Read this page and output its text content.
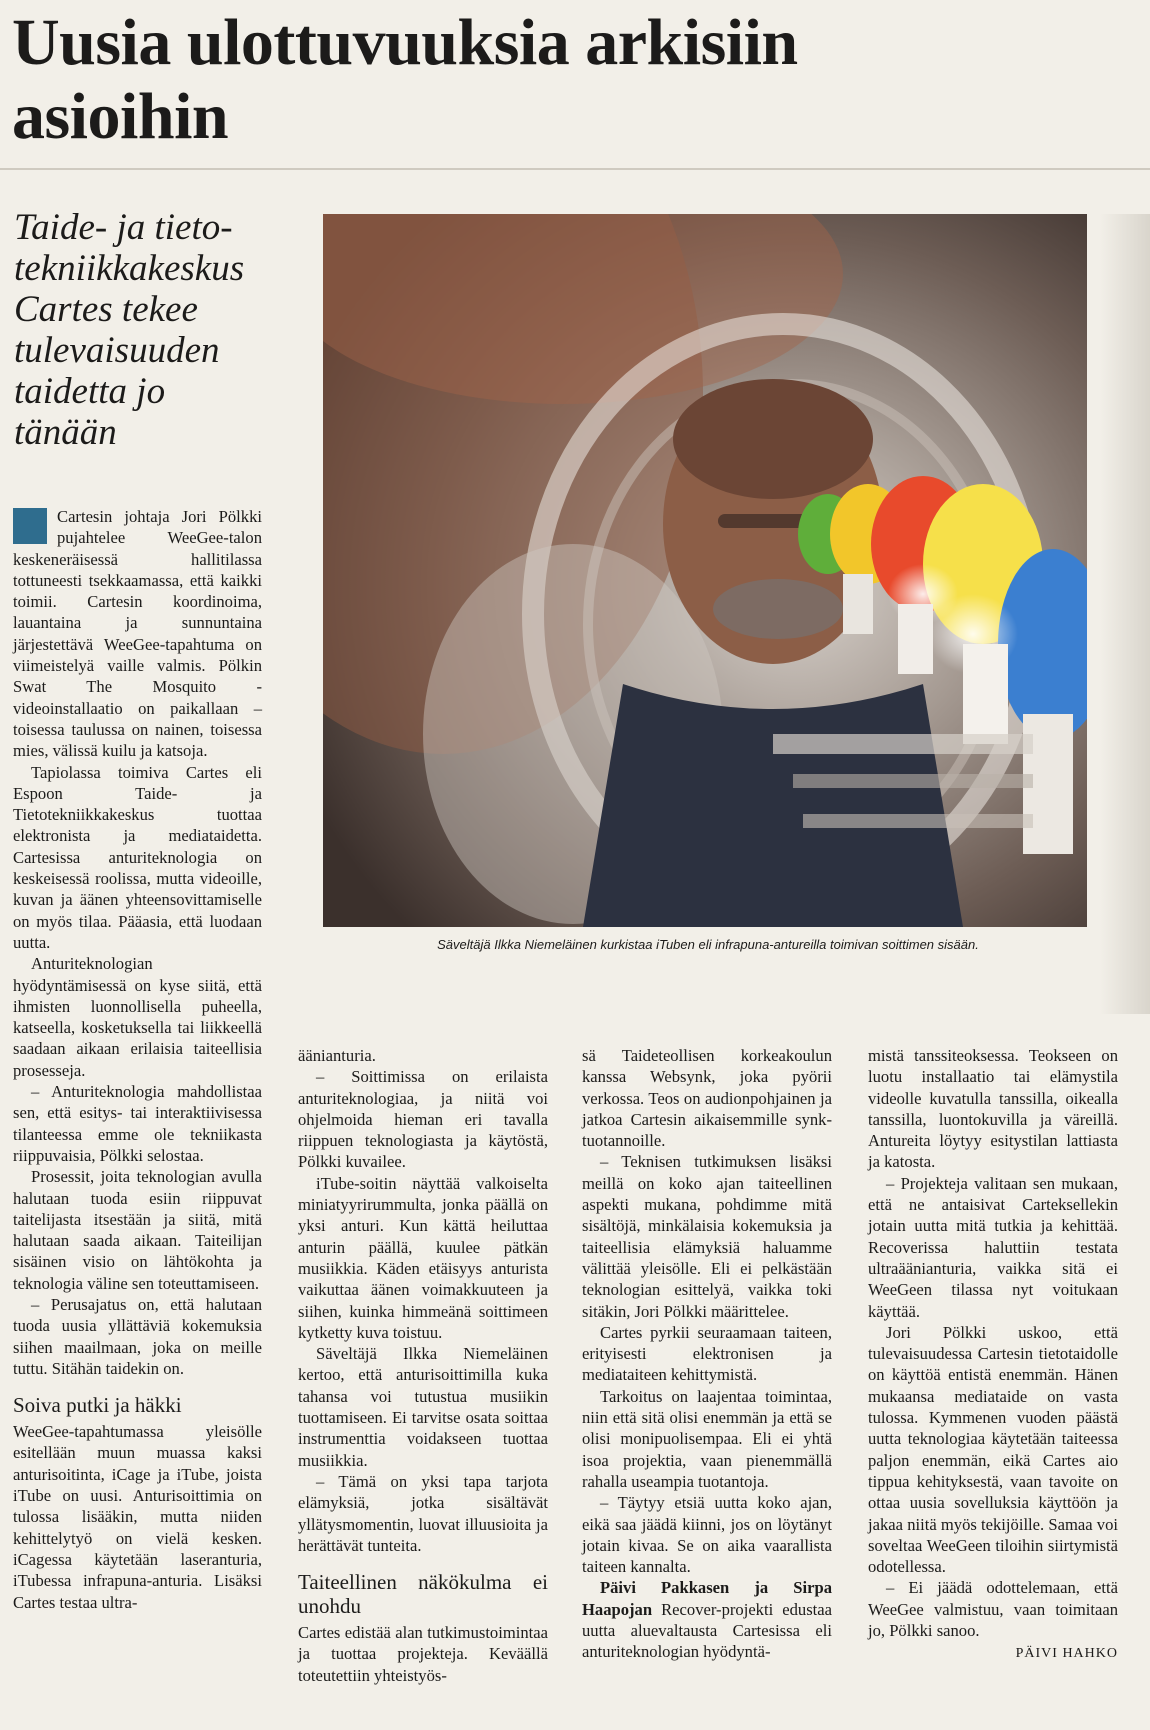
Uusia ulottuvuuksia arkisiin asioihin
Taide- ja tieto-
tekniikkakeskus
Cartes tekee
tulevaisuuden
taidetta jo
tänään
Säveltäjä Ilkka Niemeläinen kurkistaa iTuben eli infrapuna-antureilla toimivan soittimen sisään.

Cartesin johtaja Jori Pölkki pujahtelee WeeGee-talon keskeneräisessä hallitilassa tottuneesti tsekkaamassa, että kaikki toimii. Cartesin koordinoima, lauantaina ja sunnuntaina järjestettävä WeeGee-tapahtuma on viimeistelyä vaille valmis. Pölkin Swat The Mosquito -videoinstallaatio on paikallaan – toisessa taulussa on nainen, toisessa mies, välissä kuilu ja katsoja.

Tapiolassa toimiva Cartes eli Espoon Taide- ja Tietotekniikkakeskus tuottaa elektronista ja mediataidetta. Cartesissa anturiteknologia on keskeisessä roolissa, mutta videoille, kuvan ja äänen yhteensovittamiselle on myös tilaa. Pääasia, että luodaan uutta.

Anturiteknologian hyödyntämisessä on kyse siitä, että ihmisten luonnollisella puheella, katseella, kosketuksella tai liikkeellä saadaan aikaan erilaisia taiteellisia prosesseja.

– Anturiteknologia mahdollistaa sen, että esitys- tai interaktiivisessa tilanteessa emme ole tekniikasta riippuvaisia, Pölkki selostaa.

Prosessit, joita teknologian avulla halutaan tuoda esiin riippuvat taitelijasta itsestään ja siitä, mitä halutaan saada aikaan. Taiteilijan sisäinen visio on lähtökohta ja teknologia väline sen toteuttamiseen.

– Perusajatus on, että halutaan tuoda uusia yllättäviä kokemuksia siihen maailmaan, joka on meille tuttu. Sitähän taidekin on.

Soiva putki ja häkki

WeeGee-tapahtumassa yleisölle esitellään muun muassa kaksi anturisoitinta, iCage ja iTube, joista iTube on uusi. Anturisoittimia on tulossa lisääkin, mutta niiden kehittelytyö on vielä kesken. iCagessa käytetään laseranturia, iTubessa infrapuna-anturia. Lisäksi Cartes testaa ultra-

äänianturia.

– Soittimissa on erilaista anturiteknologiaa, ja niitä voi ohjelmoida hieman eri tavalla riippuen teknologiasta ja käytöstä, Pölkki kuvailee.

iTube-soitin näyttää valkoiselta miniatyyrirummulta, jonka päällä on yksi anturi. Kun kättä heiluttaa anturin päällä, kuulee pätkän musiikkia. Käden etäisyys anturista vaikuttaa äänen voimakkuuteen ja siihen, kuinka himmeänä soittimeen kytketty kuva toistuu.

Säveltäjä Ilkka Niemeläinen kertoo, että anturisoittimilla kuka tahansa voi tutustua musiikin tuottamiseen. Ei tarvitse osata soittaa instrumenttia voidakseen tuottaa musiikkia.

– Tämä on yksi tapa tarjota elämyksiä, jotka sisältävät yllätysmomentin, luovat illuusioita ja herättävät tunteita.

Taiteellinen näkökulma ei unohdu

Cartes edistää alan tutkimustoimintaa ja tuottaa projekteja. Keväällä toteutettiin yhteistyös-

sä Taideteollisen korkeakoulun kanssa Websynk, joka pyörii verkossa. Teos on audionpohjainen ja jatkoa Cartesin aikaisemmille synk-tuotannoille.

– Teknisen tutkimuksen lisäksi meillä on koko ajan taiteellinen aspekti mukana, pohdimme mitä sisältöjä, minkälaisia kokemuksia ja taiteellisia elämyksiä haluamme välittää yleisölle. Eli ei pelkästään teknologian esittelyä, vaikka toki sitäkin, Jori Pölkki määrittelee.

Cartes pyrkii seuraamaan taiteen, erityisesti elektronisen ja mediataiteen kehittymistä.

Tarkoitus on laajentaa toimintaa, niin että sitä olisi enemmän ja että se olisi monipuolisempaa. Eli ei yhtä isoa projektia, vaan pienemmällä rahalla useampia tuotantoja.

– Täytyy etsiä uutta koko ajan, eikä saa jäädä kiinni, jos on löytänyt jotain kivaa. Se on aika vaarallista taiteen kannalta.

Päivi Pakkasen ja Sirpa Haapojan Recover-projekti edustaa uutta aluevaltausta Cartesissa eli anturiteknologian hyödyntä-

mistä tanssiteoksessa. Teokseen on luotu installaatio tai elämystila videolle kuvatulla tanssilla, oikealla tanssilla, luontokuvilla ja väreillä. Antureita löytyy esitystilan lattiasta ja katosta.

– Projekteja valitaan sen mukaan, että ne antaisivat Carteksellekin jotain uutta mitä tutkia ja kehittää. Recoverissa haluttiin testata ultraäänianturia, vaikka sitä ei WeeGeen tilassa nyt voitukaan käyttää.

Jori Pölkki uskoo, että tulevaisuudessa Cartesin tietotaidolle on käyttöä entistä enemmän. Hänen mukaansa mediataide on vasta tulossa. Kymmenen vuoden päästä uutta teknologiaa käytetään taiteessa paljon enemmän, eikä Cartes aio tippua kehityksestä, vaan tavoite on ottaa uusia sovelluksia käyttöön ja jakaa niitä myös tekijöille. Samaa voi soveltaa WeeGeen tiloihin siirtymistä odotellessa.

– Ei jäädä odottelemaan, että WeeGee valmistuu, vaan toimitaan jo, Pölkki sanoo.

PÄIVI HAHKO
